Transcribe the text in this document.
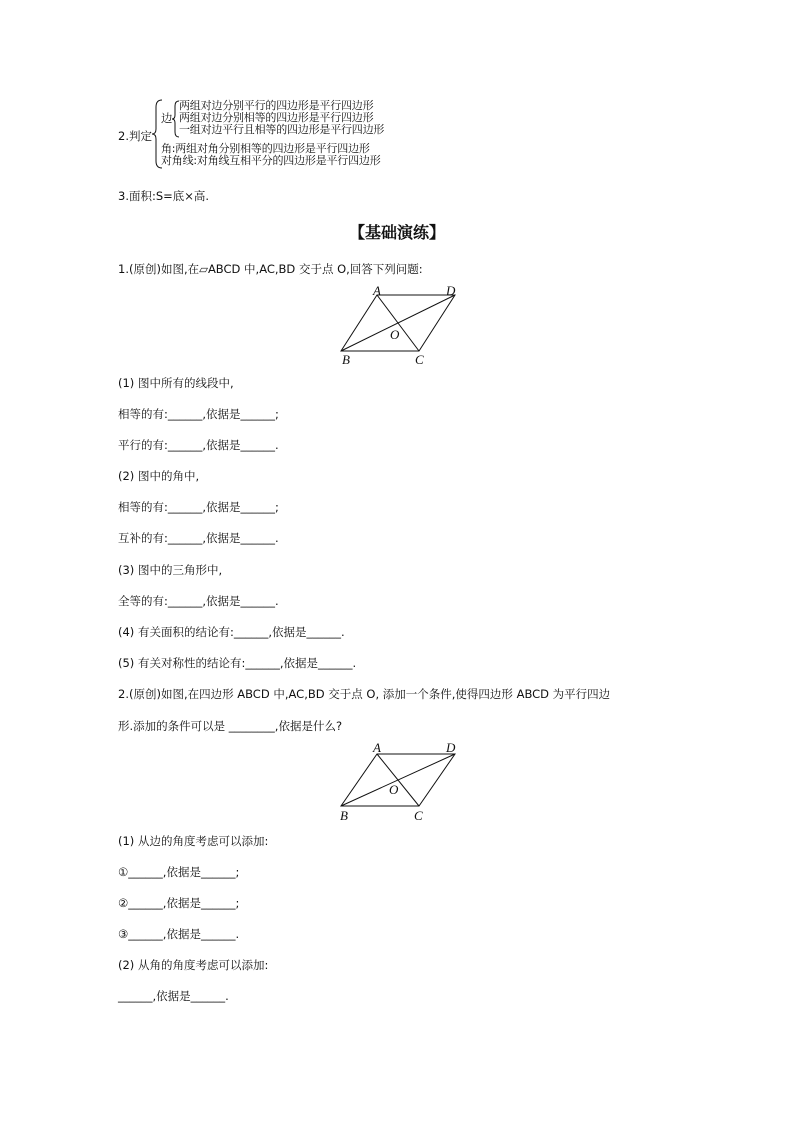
2.判定
边
两组对边分别平行的四边形是平行四边形
两组对边分别相等的四边形是平行四边形
一组对边平行且相等的四边形是平行四边形
角:两组对角分别相等的四边形是平行四边形
对角线:对角线互相平分的四边形是平行四边形
3.面积:S=底×高.
【基础演练】
1.(原创)如图,在▱ABCD 中,AC,BD 交于点 O,回答下列问题:
A	D
B	C
O
(1) 图中所有的线段中,
相等的有:______,依据是______;
平行的有:______,依据是______.
(2) 图中的角中,
相等的有:______,依据是______;
互补的有:______,依据是______.
(3) 图中的三角形中,
全等的有:______,依据是______.
(4) 有关面积的结论有:______,依据是______.
(5) 有关对称性的结论有:______,依据是______.
2.(原创)如图,在四边形 ABCD 中,AC,BD 交于点 O, 添加一个条件,使得四边形 ABCD 为平行四边
形.添加的条件可以是 ________,依据是什么?
A	D
B	C
O
(1) 从边的角度考虑可以添加:
①______,依据是______;
②______,依据是______;
③______,依据是______.
(2) 从角的角度考虑可以添加:
______,依据是______.
